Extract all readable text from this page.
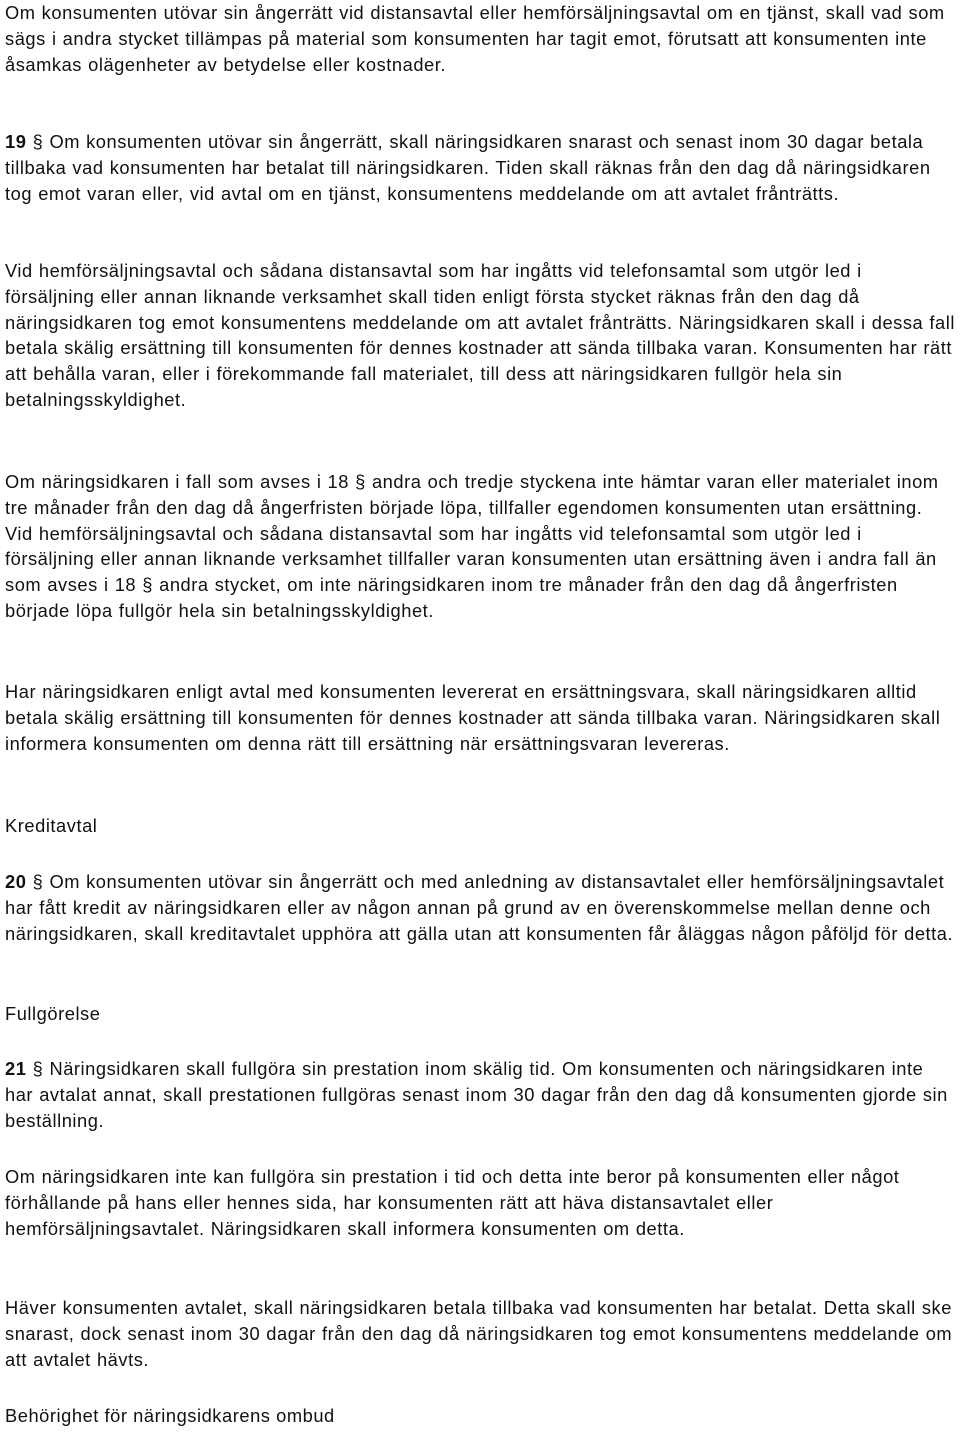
Om konsumenten utövar sin ångerrätt vid distansavtal eller hemförsäljningsavtal om en tjänst, skall vad som sägs i andra stycket tillämpas på material som konsumenten har tagit emot, förutsatt att konsumenten inte åsamkas olägenheter av betydelse eller kostnader.

19 § Om konsumenten utövar sin ångerrätt, skall näringsidkaren snarast och senast inom 30 dagar betala tillbaka vad konsumenten har betalat till näringsidkaren. Tiden skall räknas från den dag då näringsidkaren tog emot varan eller, vid avtal om en tjänst, konsumentens meddelande om att avtalet frånträtts.

Vid hemförsäljningsavtal och sådana distansavtal som har ingåtts vid telefonsamtal som utgör led i försäljning eller annan liknande verksamhet skall tiden enligt första stycket räknas från den dag då näringsidkaren tog emot konsumentens meddelande om att avtalet frånträtts. Näringsidkaren skall i dessa fall betala skälig ersättning till konsumenten för dennes kostnader att sända tillbaka varan. Konsumenten har rätt att behålla varan, eller i förekommande fall materialet, till dess att näringsidkaren fullgör hela sin betalningsskyldighet.

Om näringsidkaren i fall som avses i 18 § andra och tredje styckena inte hämtar varan eller materialet inom tre månader från den dag då ångerfristen började löpa, tillfaller egendomen konsumenten utan ersättning. Vid hemförsäljningsavtal och sådana distansavtal som har ingåtts vid telefonsamtal som utgör led i försäljning eller annan liknande verksamhet tillfaller varan konsumenten utan ersättning även i andra fall än som avses i 18 § andra stycket, om inte näringsidkaren inom tre månader från den dag då ångerfristen började löpa fullgör hela sin betalningsskyldighet.

Har näringsidkaren enligt avtal med konsumenten levererat en ersättningsvara, skall näringsidkaren alltid betala skälig ersättning till konsumenten för dennes kostnader att sända tillbaka varan. Näringsidkaren skall informera konsumenten om denna rätt till ersättning när ersättningsvaran levereras.

Kreditavtal

20 § Om konsumenten utövar sin ångerrätt och med anledning av distansavtalet eller hemförsäljningsavtalet har fått kredit av näringsidkaren eller av någon annan på grund av en överenskommelse mellan denne och näringsidkaren, skall kreditavtalet upphöra att gälla utan att konsumenten får åläggas någon påföljd för detta.

Fullgörelse

21 § Näringsidkaren skall fullgöra sin prestation inom skälig tid. Om konsumenten och näringsidkaren inte har avtalat annat, skall prestationen fullgöras senast inom 30 dagar från den dag då konsumenten gjorde sin beställning.

Om näringsidkaren inte kan fullgöra sin prestation i tid och detta inte beror på konsumenten eller något förhållande på hans eller hennes sida, har konsumenten rätt att häva distansavtalet eller hemförsäljningsavtalet. Näringsidkaren skall informera konsumenten om detta.

Häver konsumenten avtalet, skall näringsidkaren betala tillbaka vad konsumenten har betalat. Detta skall ske snarast, dock senast inom 30 dagar från den dag då näringsidkaren tog emot konsumentens meddelande om att avtalet hävts.

Behörighet för näringsidkarens ombud
